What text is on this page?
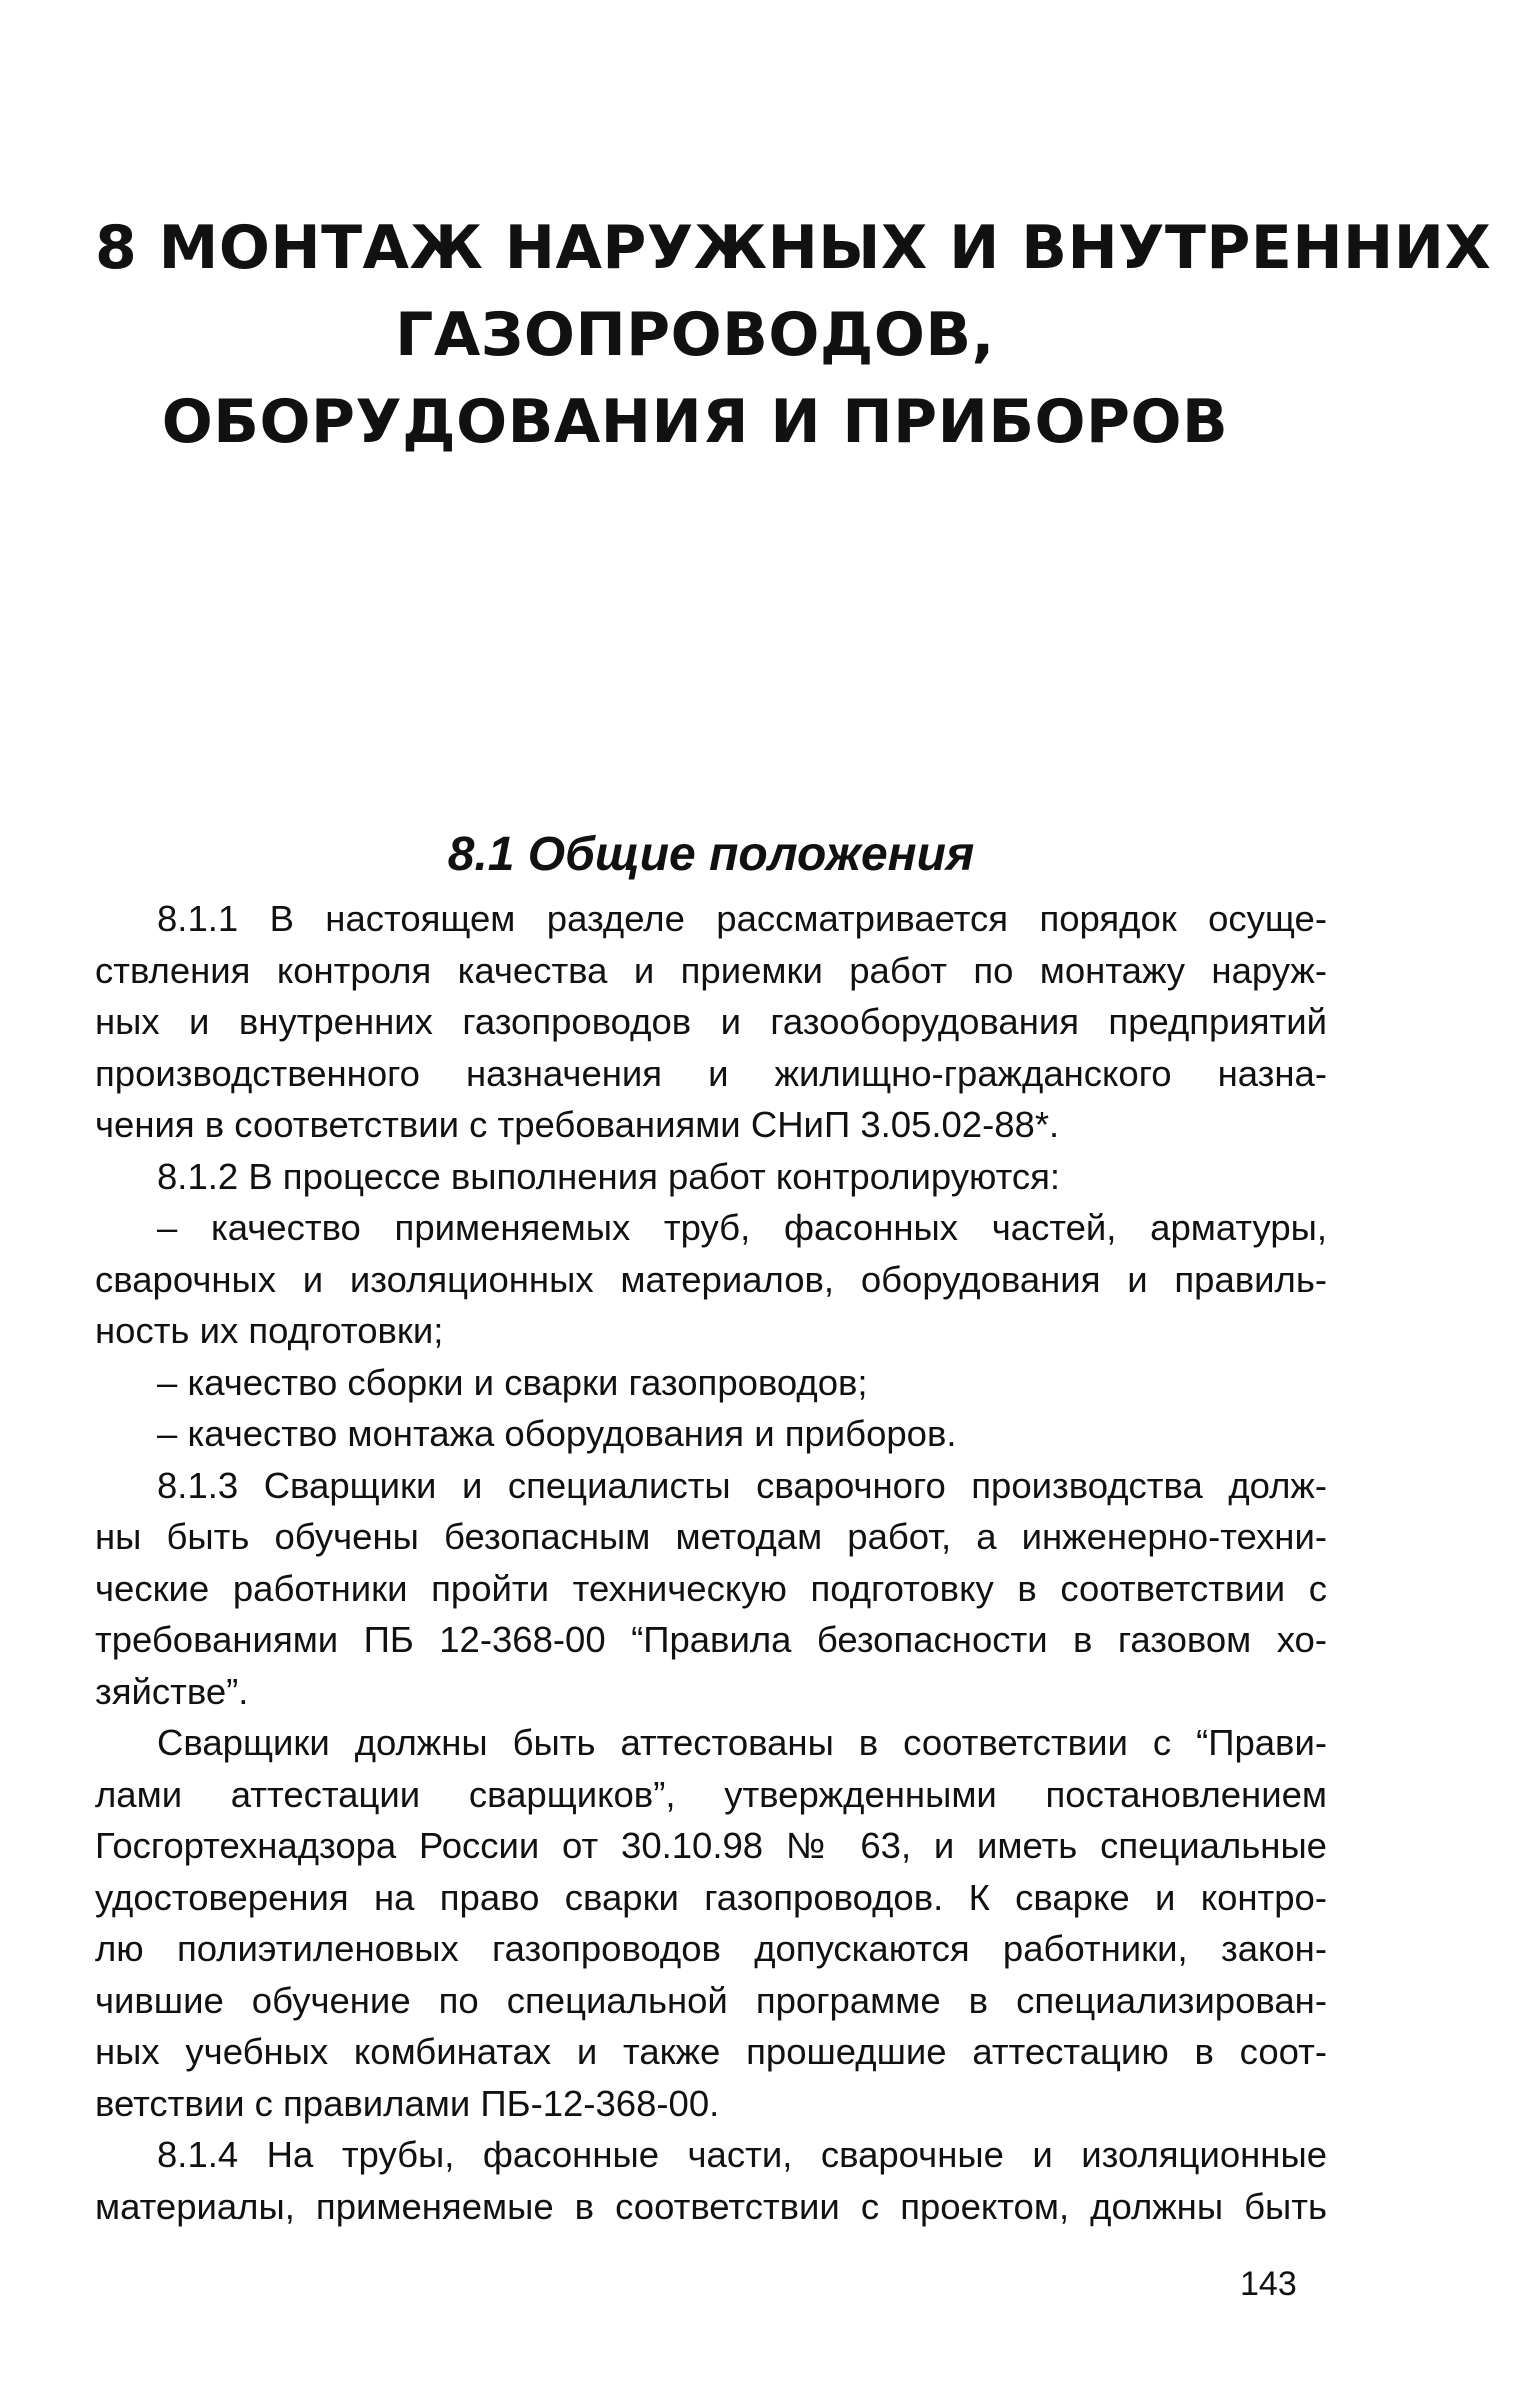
8 МОНТАЖ НАРУЖНЫХ И ВНУТРЕННИХ
ГАЗОПРОВОДОВ,
ОБОРУДОВАНИЯ И ПРИБОРОВ
8.1 Общие положения
8.1.1 В настоящем разделе рассматривается порядок осуще-
ствления контроля качества и приемки работ по монтажу наруж-
ных и внутренних газопроводов и газооборудования предприятий
производственного назначения и жилищно-гражданского назна-
чения в соответствии с требованиями СНиП 3.05.02-88*.
8.1.2 В процессе выполнения работ контролируются:
– качество применяемых труб, фасонных частей, арматуры,
сварочных и изоляционных материалов, оборудования и правиль-
ность их подготовки;
– качество сборки и сварки газопроводов;
– качество монтажа оборудования и приборов.
8.1.3 Сварщики и специалисты сварочного производства долж-
ны быть обучены безопасным методам работ, а инженерно-техни-
ческие работники пройти техническую подготовку в соответствии с
требованиями ПБ 12-368-00 “Правила безопасности в газовом хо-
зяйстве”.
Сварщики должны быть аттестованы в соответствии с “Прави-
лами аттестации сварщиков”, утвержденными постановлением
Госгортехнадзора России от 30.10.98 № 63, и иметь специальные
удостоверения на право сварки газопроводов. К сварке и контро-
лю полиэтиленовых газопроводов допускаются работники, закон-
чившие обучение по специальной программе в специализирован-
ных учебных комбинатах и также прошедшие аттестацию в соот-
ветствии с правилами ПБ-12-368-00.
8.1.4 На трубы, фасонные части, сварочные и изоляционные
материалы, применяемые в соответствии с проектом, должны быть
143
